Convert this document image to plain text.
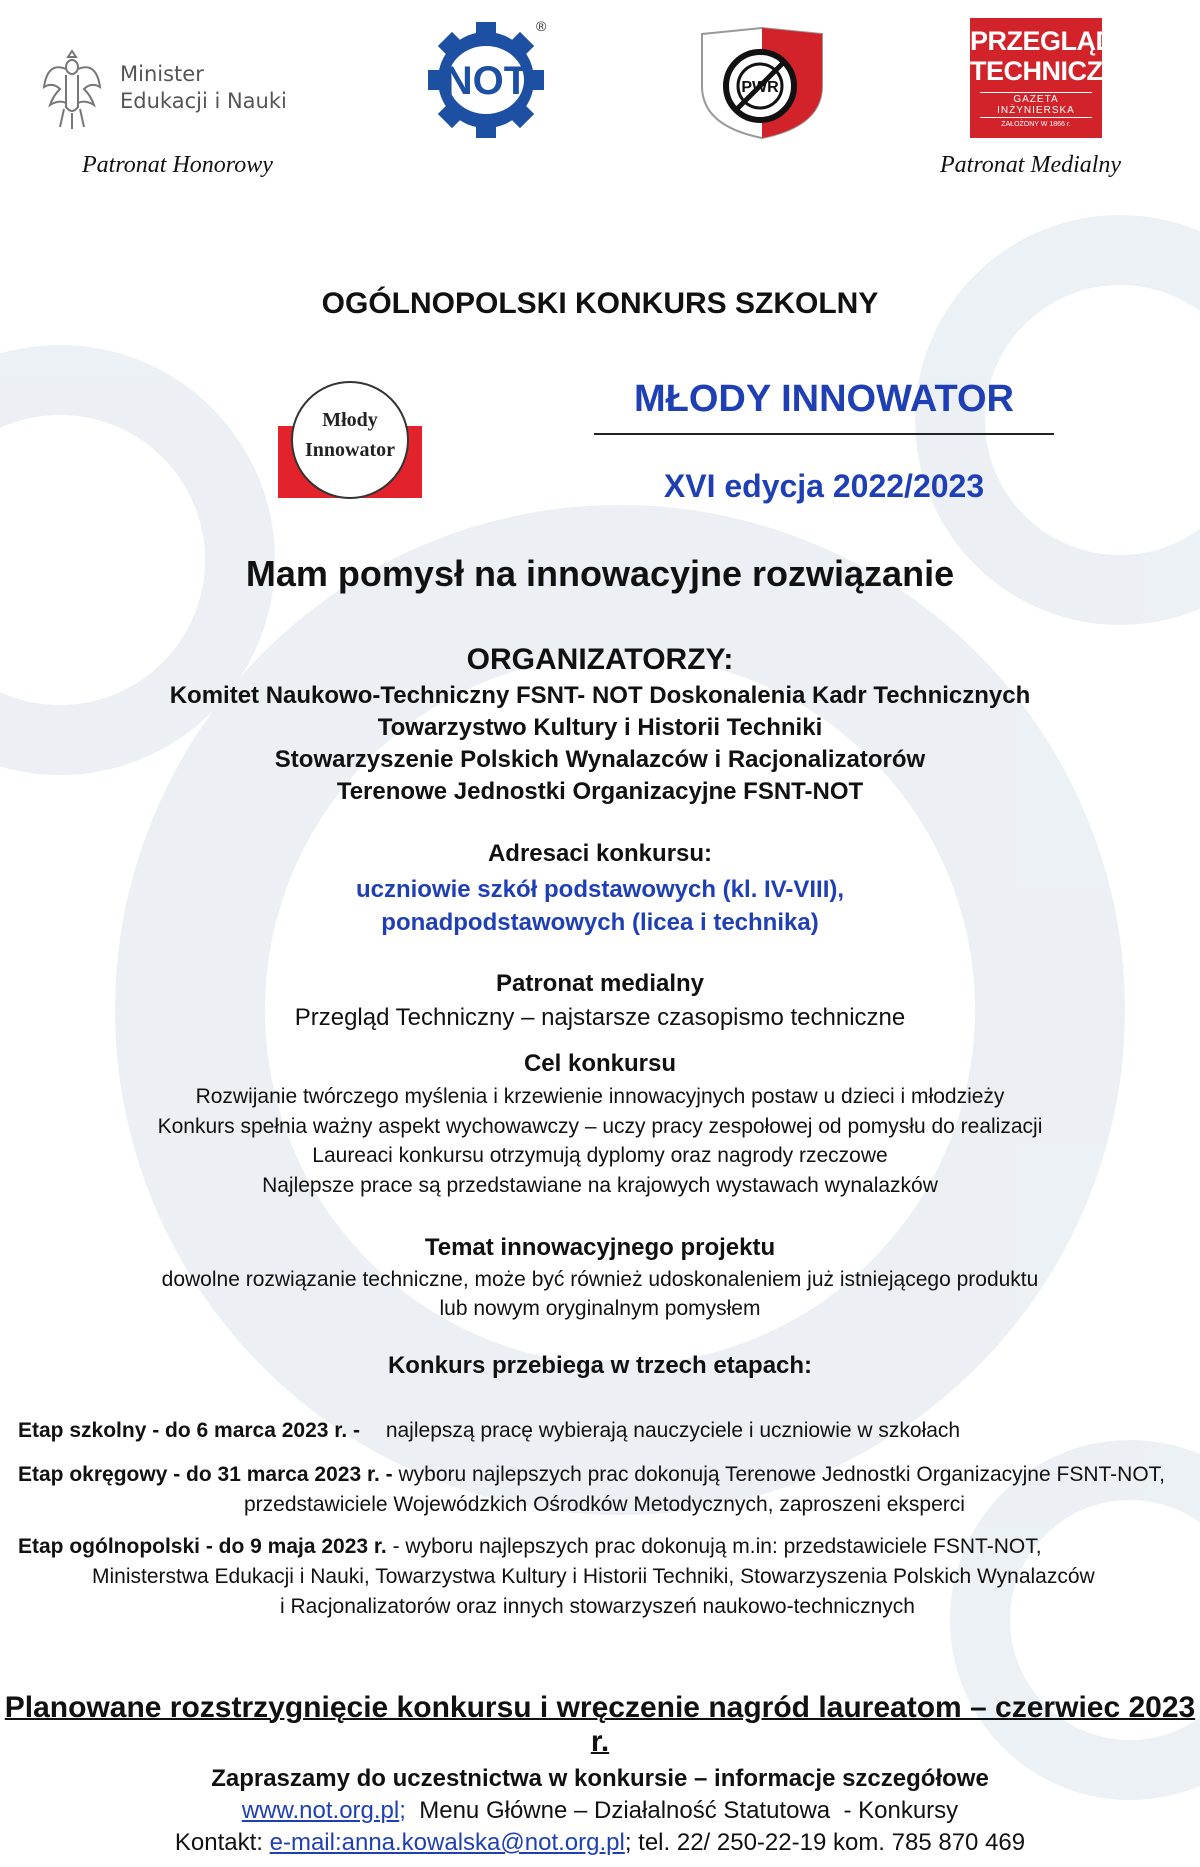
Minister
Edukacji i Nauki
Patronat Honorowy
NOT
®
PWR
PRZEGLĄD
TECHNICZNY
GAZETA INŻYNIERSKA
ZAŁOŻONY W 1866 r.
Patronat Medialny
OGÓLNOPOLSKI KONKURS SZKOLNY
Młody
Innowator
MŁODY INNOWATOR
XVI edycja 2022/2023
Mam pomysł na innowacyjne rozwiązanie
ORGANIZATORZY:
Komitet Naukowo-Techniczny FSNT- NOT Doskonalenia Kadr Technicznych
Towarzystwo Kultury i Historii Techniki
Stowarzyszenie Polskich Wynalazców i Racjonalizatorów
Terenowe Jednostki Organizacyjne FSNT-NOT
Adresaci konkursu:
uczniowie szkół podstawowych (kl. IV-VIII),
ponadpodstawowych (licea i technika)
Patronat medialny
Przegląd Techniczny – najstarsze czasopismo techniczne
Cel konkursu
Rozwijanie twórczego myślenia i krzewienie innowacyjnych postaw u dzieci i młodzieży
Konkurs spełnia ważny aspekt wychowawczy – uczy pracy zespołowej od pomysłu do realizacji
Laureaci konkursu otrzymują dyplomy oraz nagrody rzeczowe
Najlepsze prace są przedstawiane na krajowych wystawach wynalazków
Temat innowacyjnego projektu
dowolne rozwiązanie techniczne, może być również udoskonaleniem już istniejącego produktu
lub nowym oryginalnym pomysłem
Konkurs przebiega w trzech etapach:
Etap szkolny - do 6 marca 2023 r. - najlepszą pracę wybierają nauczyciele i uczniowie w szkołach
Etap okręgowy - do 31 marca 2023 r. - wyboru najlepszych prac dokonują Terenowe Jednostki Organizacyjne FSNT-NOT,
przedstawiciele Wojewódzkich Ośrodków Metodycznych, zaproszeni eksperci
Etap ogólnopolski - do 9 maja 2023 r. - wyboru najlepszych prac dokonują m.in: przedstawiciele FSNT-NOT,
Ministerstwa Edukacji i Nauki, Towarzystwa Kultury i Historii Techniki, Stowarzyszenia Polskich Wynalazców
i Racjonalizatorów oraz innych stowarzyszeń naukowo-technicznych
Planowane rozstrzygnięcie konkursu i wręczenie nagród laureatom – czerwiec 2023 r.
Zapraszamy do uczestnictwa w konkursie – informacje szczegółowe
www.not.org.pl;  Menu Główne – Działalność Statutowa  - Konkursy
Kontakt: e-mail:anna.kowalska@not.org.pl; tel. 22/ 250-22-19 kom. 785 870 469
